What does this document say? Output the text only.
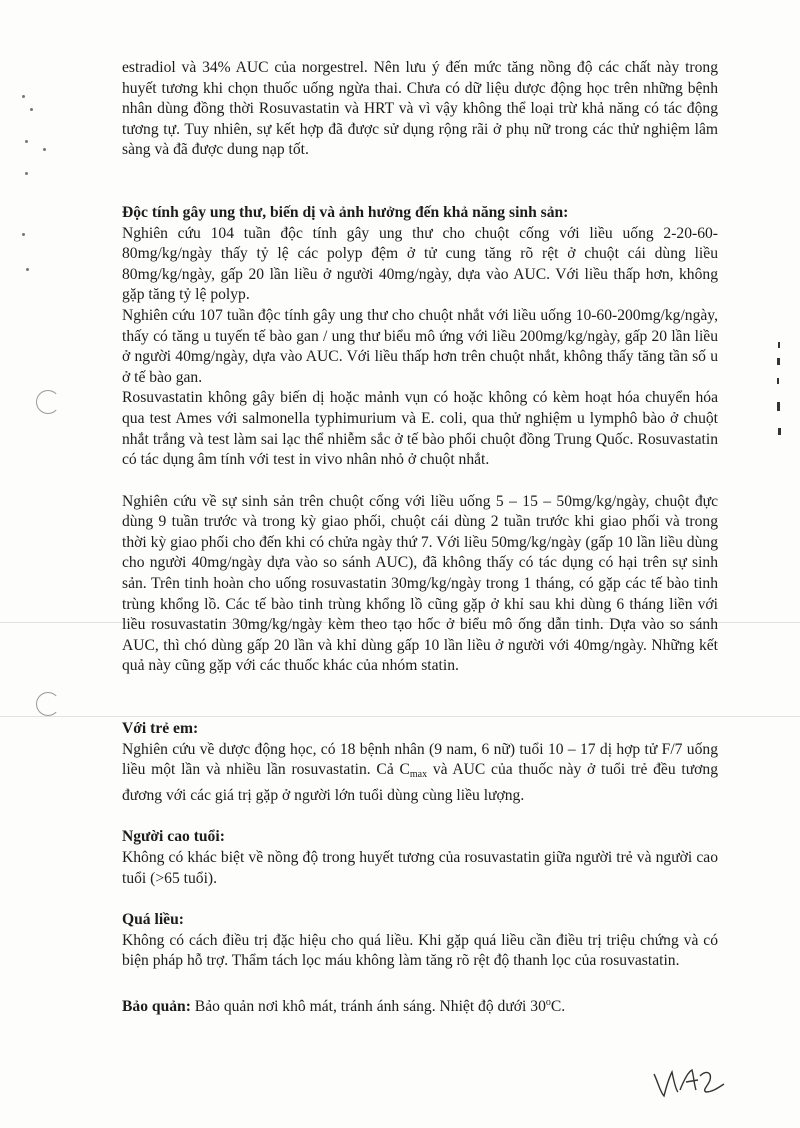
estradiol và 34% AUC của norgestrel. Nên lưu ý đến mức tăng nồng độ các chất này trong huyết tương khi chọn thuốc uống ngừa thai. Chưa có dữ liệu dược động học trên những bệnh nhân dùng đồng thời Rosuvastatin và HRT và vì vậy không thể loại trừ khả năng có tác động tương tự. Tuy nhiên, sự kết hợp đã được sử dụng rộng rãi ở phụ nữ trong các thử nghiệm lâm sàng và đã được dung nạp tốt.

Độc tính gây ung thư, biến dị và ảnh hưởng đến khả năng sinh sản:

Nghiên cứu 104 tuần độc tính gây ung thư cho chuột cống với liều uống 2-20-60-80mg/kg/ngày thấy tỷ lệ các polyp đệm ở tử cung tăng rõ rệt ở chuột cái dùng liều 80mg/kg/ngày, gấp 20 lần liều ở người 40mg/ngày, dựa vào AUC. Với liều thấp hơn, không gặp tăng tỷ lệ polyp.

Nghiên cứu 107 tuần độc tính gây ung thư cho chuột nhắt với liều uống 10-60-200mg/kg/ngày, thấy có tăng u tuyến tế bào gan / ung thư biểu mô ứng với liều 200mg/kg/ngày, gấp 20 lần liều ở người 40mg/ngày, dựa vào AUC. Với liều thấp hơn trên chuột nhắt, không thấy tăng tần số u ở tế bào gan.

Rosuvastatin không gây biến dị hoặc mảnh vụn có hoặc không có kèm hoạt hóa chuyển hóa qua test Ames với salmonella typhimurium và E. coli, qua thử nghiệm u lymphô bào ở chuột nhắt trắng và test làm sai lạc thể nhiễm sắc ở tế bào phổi chuột đồng Trung Quốc. Rosuvastatin có tác dụng âm tính với test in vivo nhân nhỏ ở chuột nhắt.

Nghiên cứu về sự sinh sản trên chuột cống với liều uống 5 – 15 – 50mg/kg/ngày, chuột đực dùng 9 tuần trước và trong kỳ giao phối, chuột cái dùng 2 tuần trước khi giao phối và trong thời kỳ giao phối cho đến khi có chửa ngày thứ 7. Với liều 50mg/kg/ngày (gấp 10 lần liều dùng cho người 40mg/ngày dựa vào so sánh AUC), đã không thấy có tác dụng có hại trên sự sinh sản. Trên tinh hoàn cho uống rosuvastatin 30mg/kg/ngày trong 1 tháng, có gặp các tế bào tinh trùng khổng lồ. Các tế bào tinh trùng khổng lồ cũng gặp ở khỉ sau khi dùng 6 tháng liền với liều rosuvastatin 30mg/kg/ngày kèm theo tạo hốc ở biểu mô ống dẫn tinh. Dựa vào so sánh AUC, thì chó dùng gấp 20 lần và khỉ dùng gấp 10 lần liều ở người với 40mg/ngày. Những kết quả này cũng gặp với các thuốc khác của nhóm statin.

Với trẻ em:

Nghiên cứu về dược động học, có 18 bệnh nhân (9 nam, 6 nữ) tuổi 10 – 17 dị hợp tử F/7 uống liều một lần và nhiều lần rosuvastatin. Cả $C_{max}$ và AUC của thuốc này ở tuổi trẻ đều tương đương với các giá trị gặp ở người lớn tuổi dùng cùng liều lượng.

Người cao tuổi:

Không có khác biệt về nồng độ trong huyết tương của rosuvastatin giữa người trẻ và người cao tuổi (>65 tuổi).

Quá liều:

Không có cách điều trị đặc hiệu cho quá liều. Khi gặp quá liều cần điều trị triệu chứng và có biện pháp hỗ trợ. Thẩm tách lọc máu không làm tăng rõ rệt độ thanh lọc của rosuvastatin.

Bảo quản: Bảo quản nơi khô mát, tránh ánh sáng. Nhiệt độ dưới 30$^o$C.
